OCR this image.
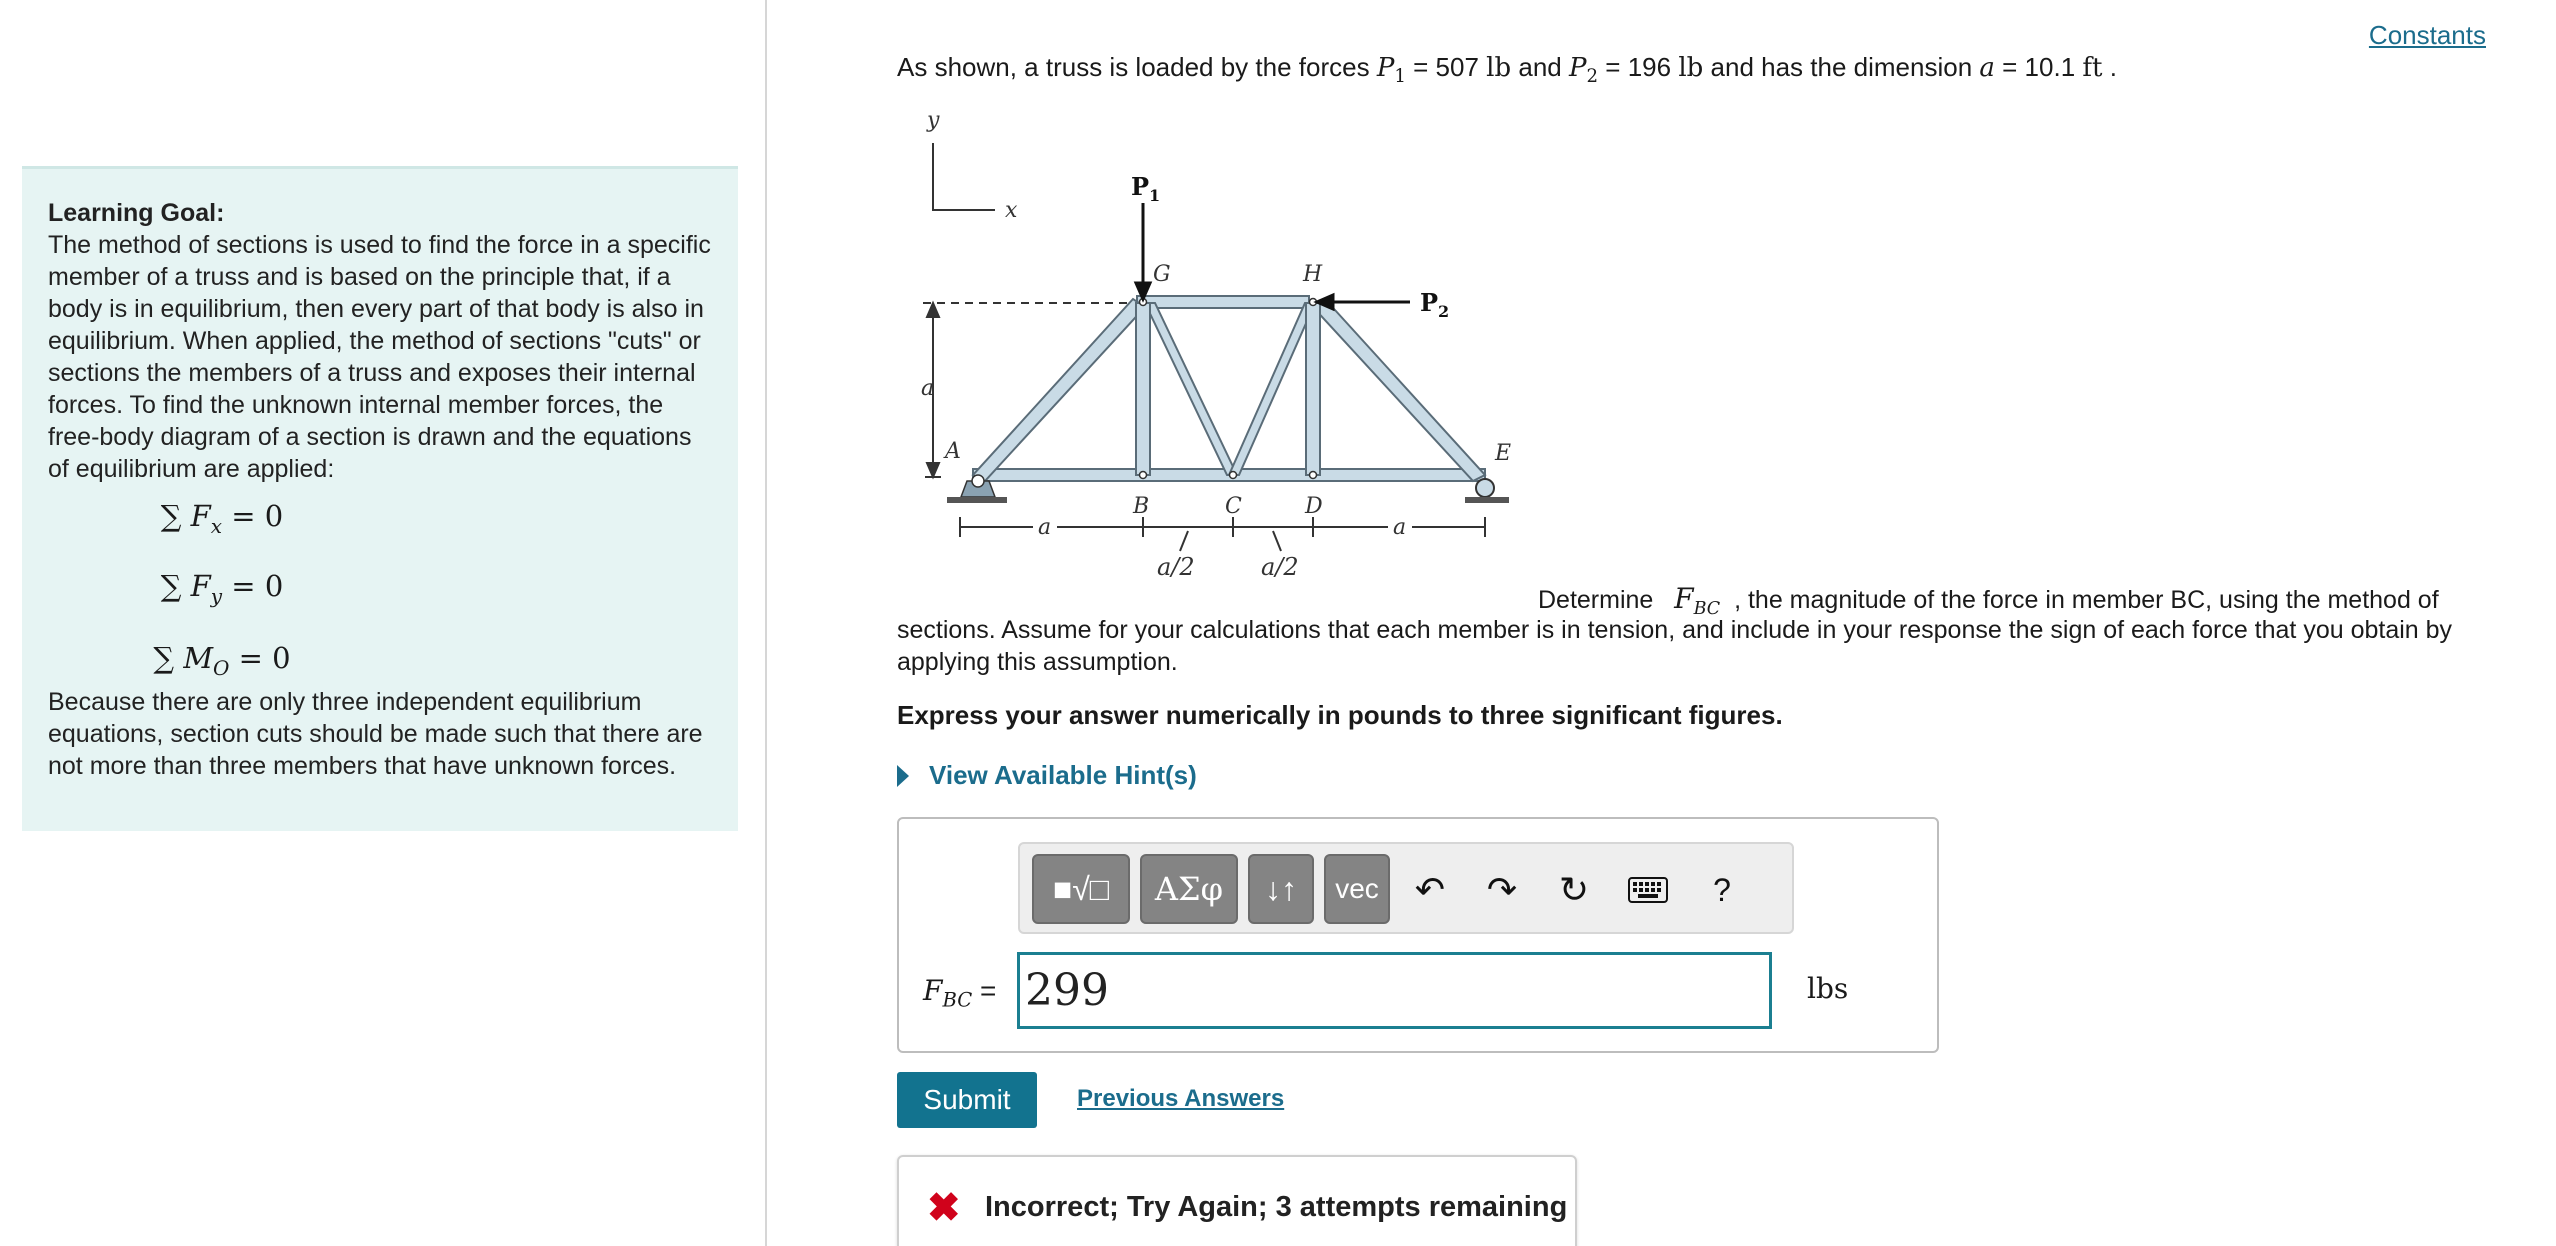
Learning Goal:
The method of sections is used to find the force in a specific member of a truss and is based on the principle that, if a body is in equilibrium, then every part of that body is also in equilibrium. When applied, the method of sections "cuts" or sections the members of a truss and exposes their internal forces. To find the unknown internal member forces, the free-body diagram of a section is drawn and the equations of equilibrium are applied:
∑ $F_x = 0$
∑ $F_y = 0$
∑ $M_O = 0$
Because there are only three independent equilibrium equations, section cuts should be made such that there are not more than three members that have unknown forces.
Constants
As shown, a truss is loaded by the forces $P_1 = 507$ lb and $P_2 = 196$ lb and has the dimension a = 10.1 ft .
y
x
a
$P_1$
$P_2$
A
G	H
E
B	C	D
a	a
a/2	a/2
Determine $F_{BC}$ , the magnitude of the force in member BC, using the method of
sections. Assume for your calculations that each member is in tension, and include in your response the sign of each force that you obtain by applying this assumption.
Express your answer numerically in pounds to three significant figures.
View Available Hint(s)
■√□	ΑΣφ	↓↑	vec	↶	↷	↻	?
$F_{BC} = 299$	lbs
Submit	Previous Answers
✖ Incorrect; Try Again; 3 attempts remaining
